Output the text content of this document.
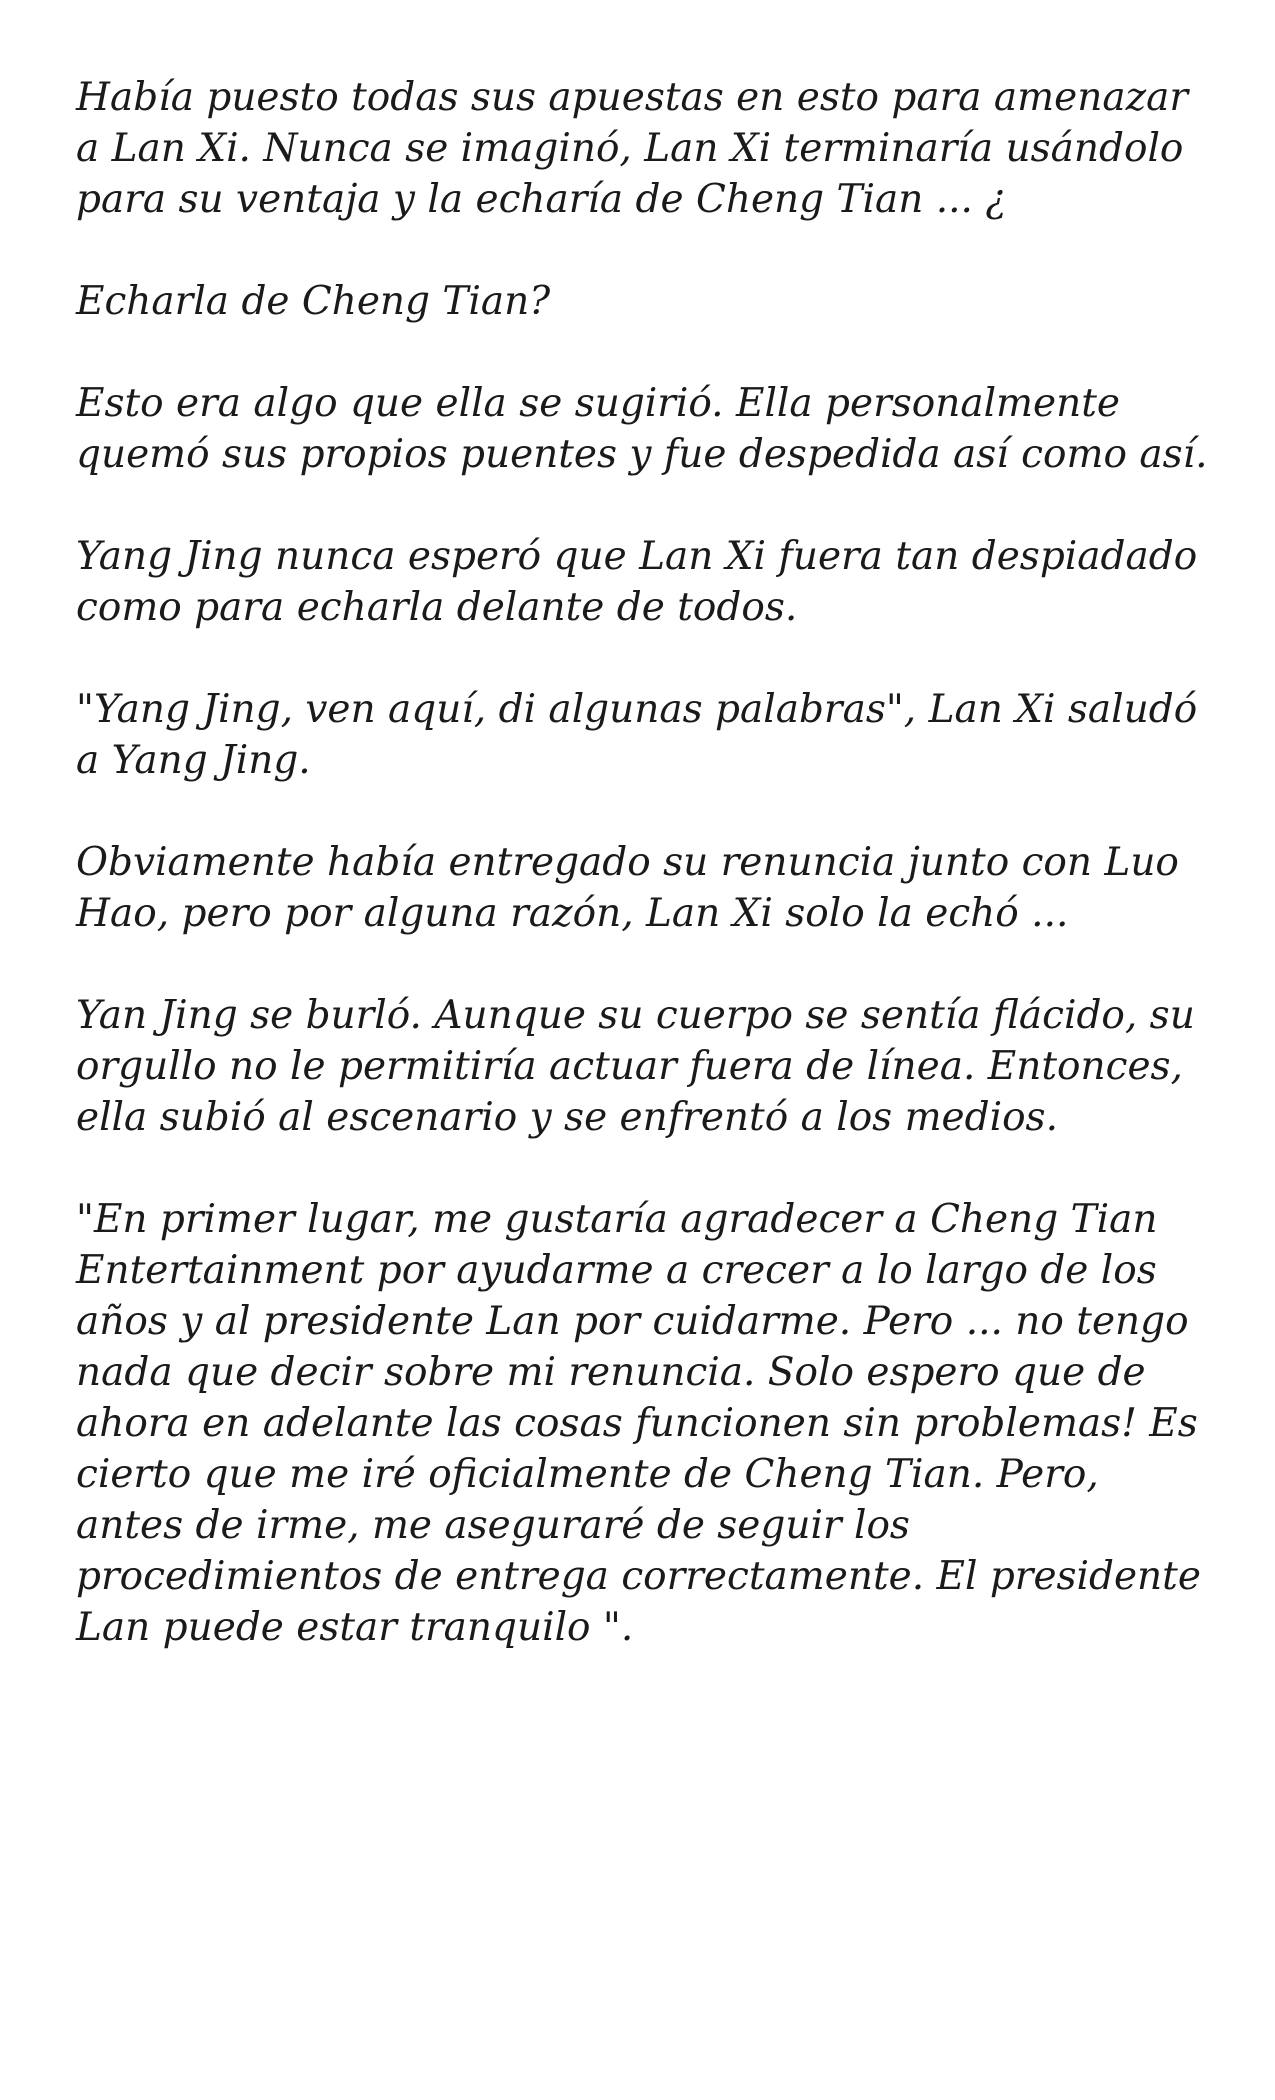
Había puesto todas sus apuestas en esto para amenazar a Lan Xi. Nunca se imaginó, Lan Xi terminaría usándolo para su ventaja y la echaría de Cheng Tian ... ¿

Echarla de Cheng Tian?

Esto era algo que ella se sugirió. Ella personalmente quemó sus propios puentes y fue despedida así como así.

Yang Jing nunca esperó que Lan Xi fuera tan despiadado como para echarla delante de todos.

"Yang Jing, ven aquí, di algunas palabras", Lan Xi saludó a Yang Jing.

Obviamente había entregado su renuncia junto con Luo Hao, pero por alguna razón, Lan Xi solo la echó ...

Yan Jing se burló. Aunque su cuerpo se sentía flácido, su orgullo no le permitiría actuar fuera de línea. Entonces, ella subió al escenario y se enfrentó a los medios.

"En primer lugar, me gustaría agradecer a Cheng Tian Entertainment por ayudarme a crecer a lo largo de los años y al presidente Lan por cuidarme. Pero ... no tengo nada que decir sobre mi renuncia. Solo espero que de ahora en adelante las cosas funcionen sin problemas! Es cierto que me iré oficialmente de Cheng Tian. Pero, antes de irme, me aseguraré de seguir los procedimientos de entrega correctamente. El presidente Lan puede estar tranquilo ".
